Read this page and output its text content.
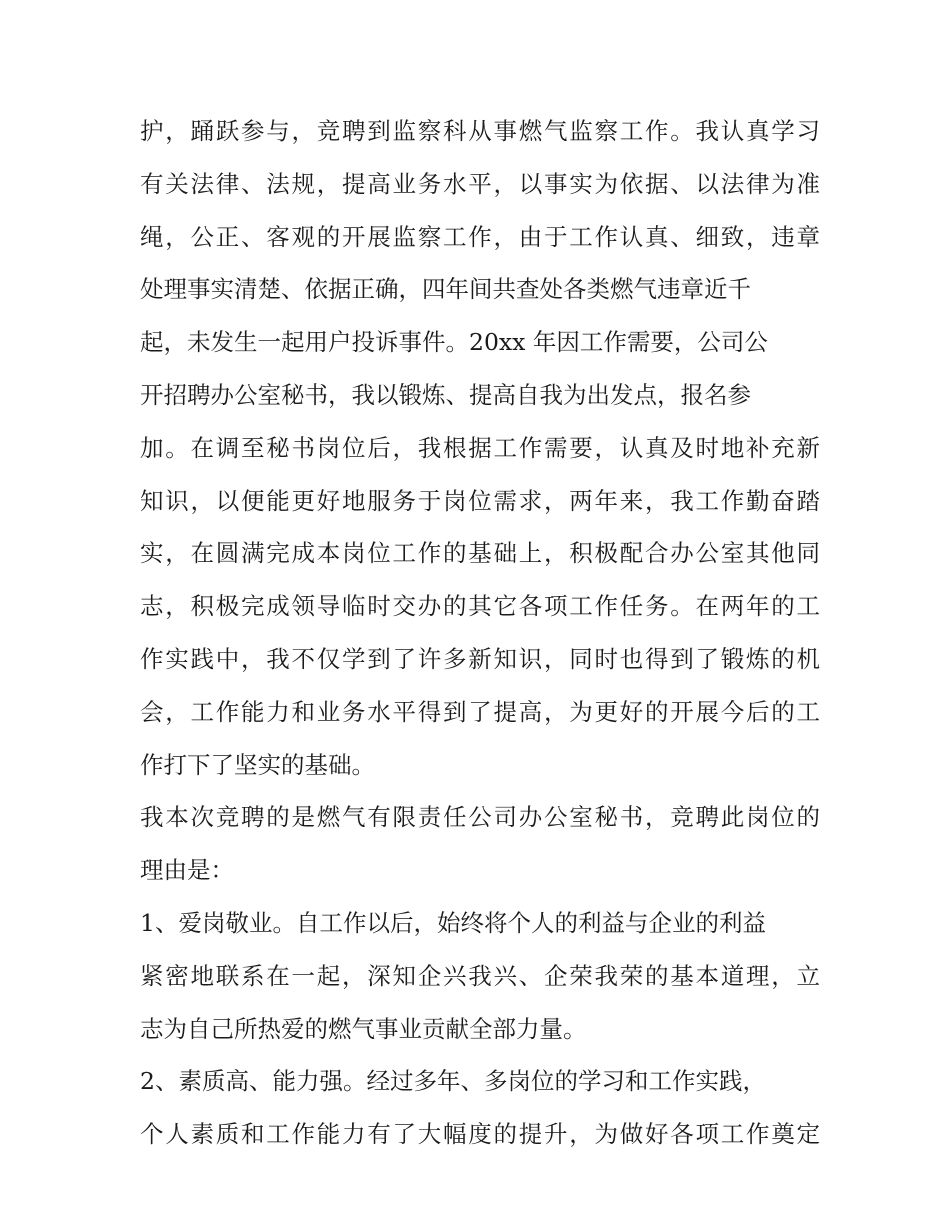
护，踊跃参与，竞聘到监察科从事燃气监察工作。我认真学习
有关法律、法规，提高业务水平，以事实为依据、以法律为准
绳，公正、客观的开展监察工作，由于工作认真、细致，违章
处理事实清楚、依据正确，四年间共查处各类燃气违章近千
起，未发生一起用户投诉事件。20xx 年因工作需要，公司公
开招聘办公室秘书，我以锻炼、提高自我为出发点，报名参
加。在调至秘书岗位后，我根据工作需要，认真及时地补充新
知识，以便能更好地服务于岗位需求，两年来，我工作勤奋踏
实，在圆满完成本岗位工作的基础上，积极配合办公室其他同
志，积极完成领导临时交办的其它各项工作任务。在两年的工
作实践中，我不仅学到了许多新知识，同时也得到了锻炼的机
会，工作能力和业务水平得到了提高，为更好的开展今后的工
作打下了坚实的基础。
我本次竞聘的是燃气有限责任公司办公室秘书，竞聘此岗位的
理由是：
1、爱岗敬业。自工作以后，始终将个人的利益与企业的利益
紧密地联系在一起，深知企兴我兴、企荣我荣的基本道理，立
志为自己所热爱的燃气事业贡献全部力量。
2、素质高、能力强。经过多年、多岗位的学习和工作实践，
个人素质和工作能力有了大幅度的提升，为做好各项工作奠定
